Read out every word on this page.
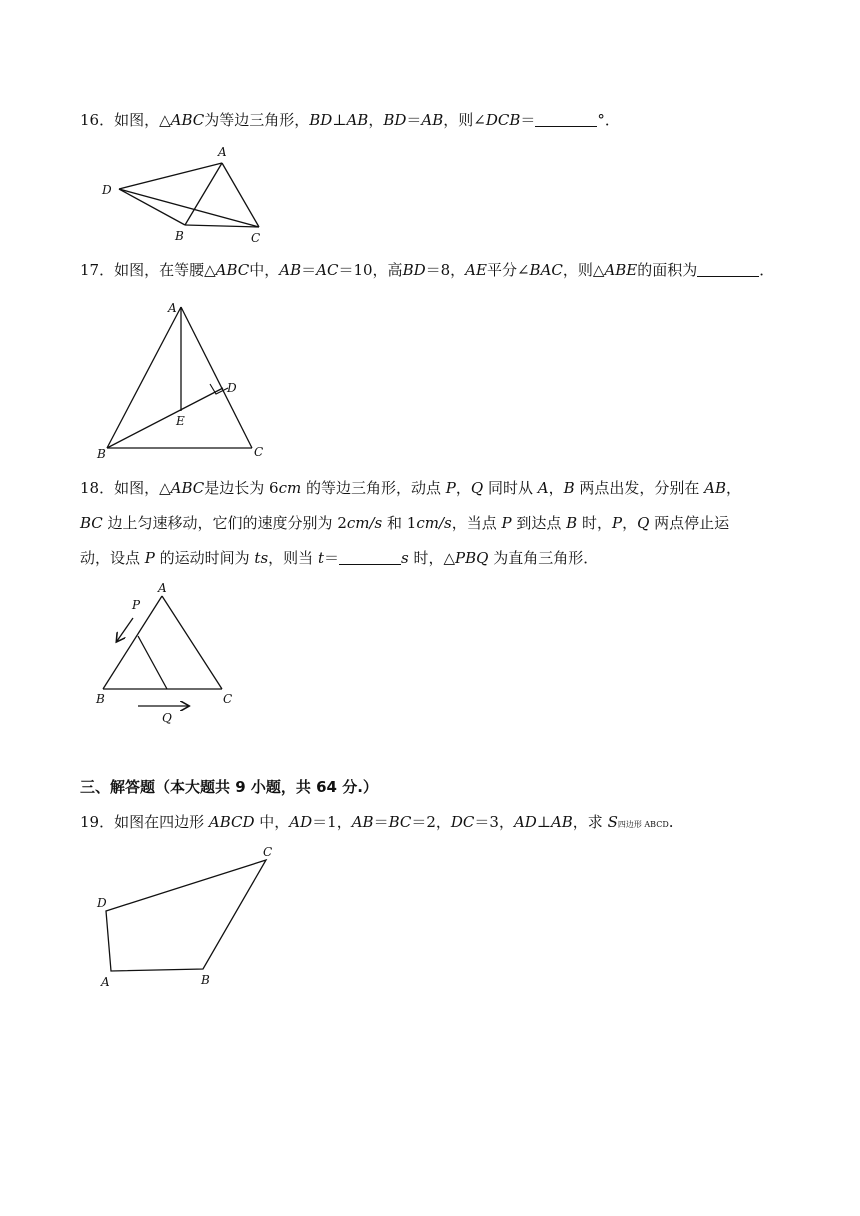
16．如图，△ABC为等边三角形，BD⊥AB，BD＝AB，则∠DCB＝	°．
17．如图，在等腰△ABC中，AB＝AC＝10，高BD＝8，AE平分∠BAC，则△ABE的面积为	．
18．如图，△ABC是边长为 6cm 的等边三角形，动点 P，Q 同时从 A，B 两点出发，分别在 AB，
BC 边上匀速移动，它们的速度分别为 2cm/s 和 1cm/s，当点 P 到达点 B 时，P，Q 两点停止运
动，设点 P 的运动时间为 ts，则当 t＝	s 时，△PBQ 为直角三角形．
三、解答题（本大题共 9 小题，共 64 分.）
19．如图在四边形 ABCD 中，AD＝1，AB＝BC＝2，DC＝3，AD⊥AB，求 S四边形 ABCD.
A
D
B	C
A
D
E
B	C
A
P
B	C
Q
C
D
A	B
